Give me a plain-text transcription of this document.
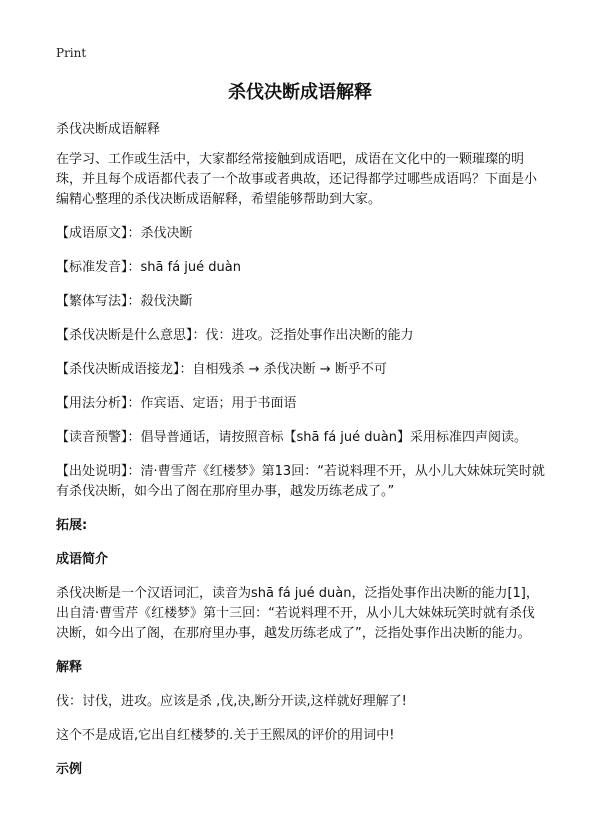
Print
杀伐决断成语解释

杀伐决断成语解释

在学习、工作或生活中，大家都经常接触到成语吧，成语在文化中的一颗璀璨的明珠，并且每个成语都代表了一个故事或者典故，还记得都学过哪些成语吗？下面是小编精心整理的杀伐决断成语解释，希望能够帮助到大家。

【成语原文】：杀伐决断

【标准发音】：shā fá jué duàn

【繁体写法】：殺伐決斷

【杀伐决断是什么意思】：伐：进攻。泛指处事作出决断的能力

【杀伐决断成语接龙】：自相残杀 → 杀伐决断 → 断乎不可

【用法分析】：作宾语、定语；用于书面语

【读音预警】：倡导普通话，请按照音标【shā fá jué duàn】采用标准四声阅读。

【出处说明】：清·曹雪芹《红楼梦》第13回：“若说料理不开，从小儿大妹妹玩笑时就有杀伐决断，如今出了阁在那府里办事，越发历练老成了。”

拓展:

成语简介

杀伐决断是一个汉语词汇，读音为shā fá jué duàn，泛指处事作出决断的能力[1]，出自清·曹雪芹《红楼梦》第十三回：“若说料理不开，从小儿大妹妹玩笑时就有杀伐决断，如今出了阁，在那府里办事，越发历练老成了”，泛指处事作出决断的能力。

解释

伐：讨伐，进攻。应该是杀 ,伐,决,断分开读,这样就好理解了!

这个不是成语,它出自红楼梦的.关于王熙凤的评价的用词中!

示例
